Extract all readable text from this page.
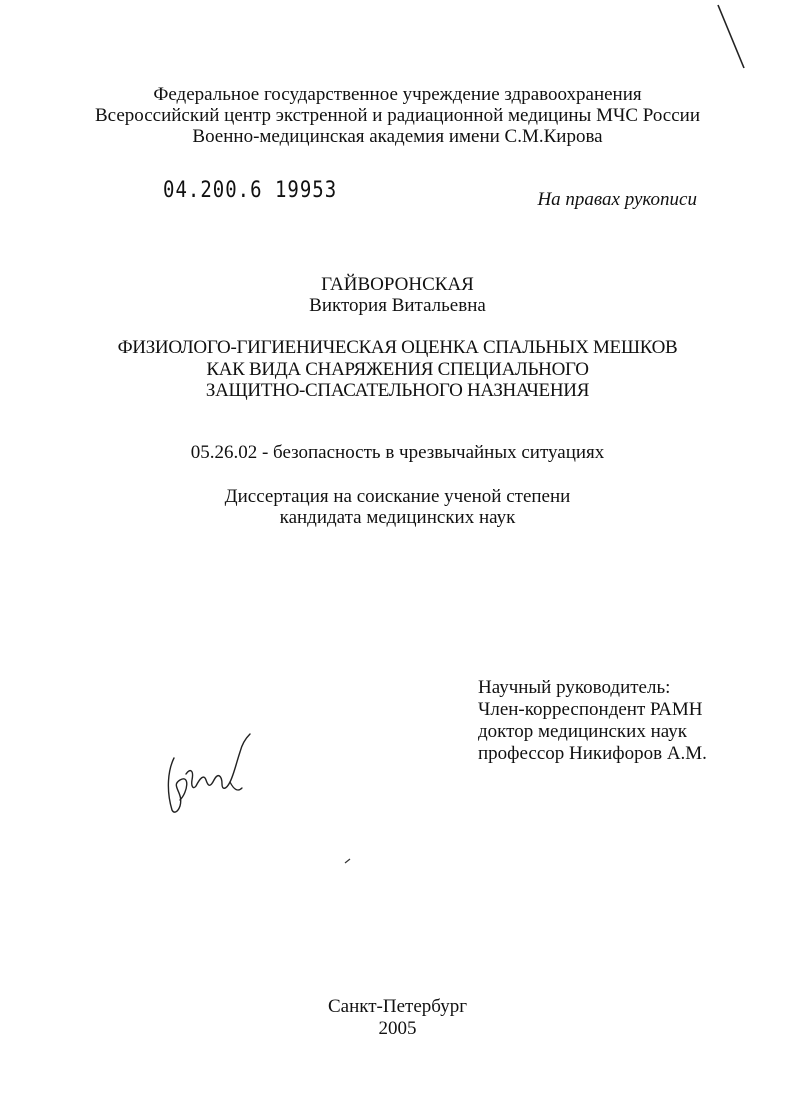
Федеральное государственное учреждение здравоохранения

Всероссийский центр экстренной и радиационной медицины МЧС России

Военно-медицинская академия имени С.М.Кирова

04.200.6 19953	На правах рукописи

ГАЙВОРОНСКАЯ

Виктория Витальевна

ФИЗИОЛОГО-ГИГИЕНИЧЕСКАЯ ОЦЕНКА СПАЛЬНЫХ МЕШКОВ

КАК ВИДА СНАРЯЖЕНИЯ СПЕЦИАЛЬНОГО

ЗАЩИТНО-СПАСАТЕЛЬНОГО НАЗНАЧЕНИЯ

05.26.02 - безопасность в чрезвычайных ситуациях

Диссертация на соискание ученой степени

кандидата медицинских наук

Научный руководитель:
Член-корреспондент РАМН
доктор медицинских наук
профессор Никифоров А.М.

Санкт-Петербург

2005
